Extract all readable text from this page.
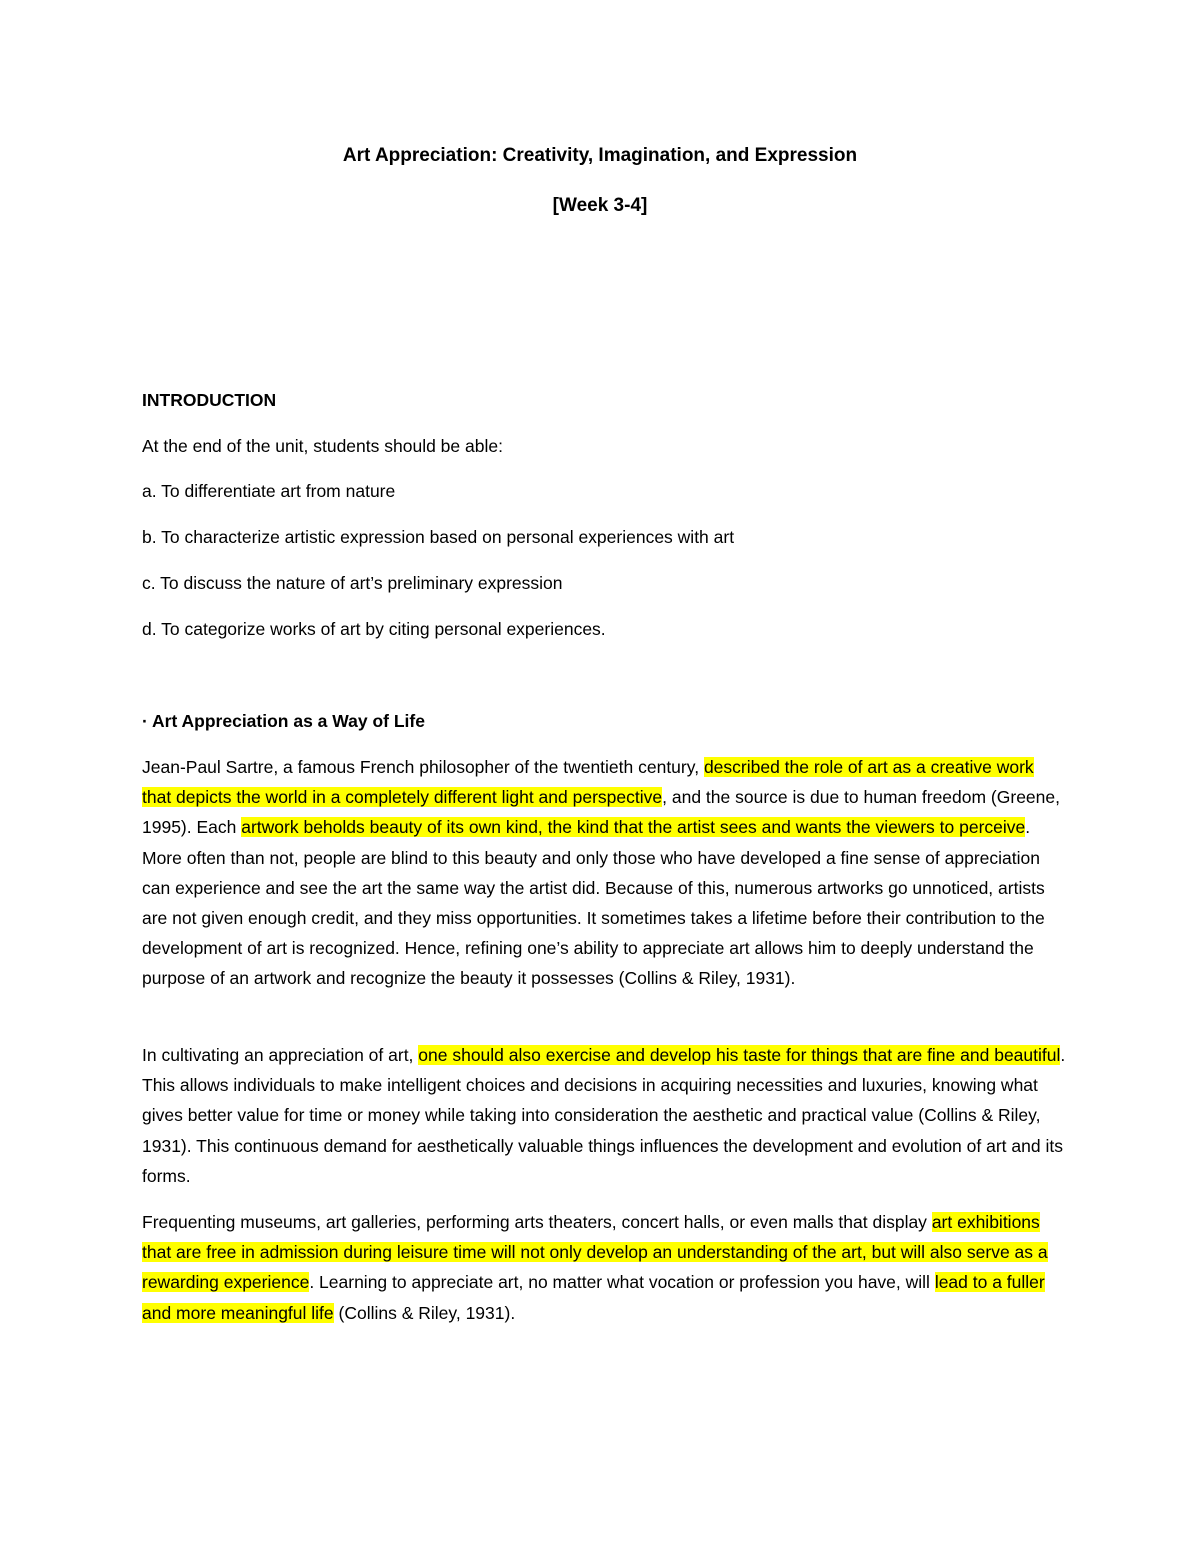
Art Appreciation: Creativity, Imagination, and Expression

[Week 3-4]

INTRODUCTION

At the end of the unit, students should be able:

a. To differentiate art from nature

b. To characterize artistic expression based on personal experiences with art

c. To discuss the nature of art’s preliminary expression

d. To categorize works of art by citing personal experiences.

· Art Appreciation as a Way of Life

Jean-Paul Sartre, a famous French philosopher of the twentieth century, described the role of art as a creative work that depicts the world in a completely different light and perspective, and the source is due to human freedom (Greene, 1995). Each artwork beholds beauty of its own kind, the kind that the artist sees and wants the viewers to perceive. More often than not, people are blind to this beauty and only those who have developed a fine sense of appreciation can experience and see the art the same way the artist did. Because of this, numerous artworks go unnoticed, artists are not given enough credit, and they miss opportunities. It sometimes takes a lifetime before their contribution to the development of art is recognized. Hence, refining one’s ability to appreciate art allows him to deeply understand the purpose of an artwork and recognize the beauty it possesses (Collins & Riley, 1931).

In cultivating an appreciation of art, one should also exercise and develop his taste for things that are fine and beautiful. This allows individuals to make intelligent choices and decisions in acquiring necessities and luxuries, knowing what gives better value for time or money while taking into consideration the aesthetic and practical value (Collins & Riley, 1931). This continuous demand for aesthetically valuable things influences the development and evolution of art and its forms.

Frequenting museums, art galleries, performing arts theaters, concert halls, or even malls that display art exhibitions that are free in admission during leisure time will not only develop an understanding of the art, but will also serve as a rewarding experience. Learning to appreciate art, no matter what vocation or profession you have, will lead to a fuller and more meaningful life (Collins & Riley, 1931).
